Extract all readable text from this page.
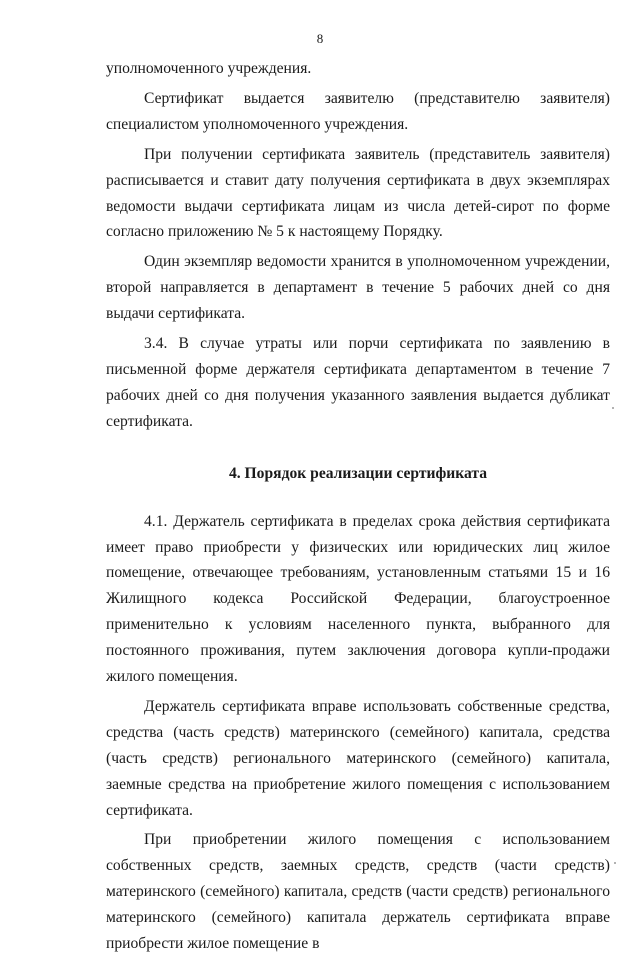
8

уполномоченного учреждения.

Сертификат выдается заявителю (представителю заявителя) специалистом уполномоченного учреждения.

При получении сертификата заявитель (представитель заявителя) расписывается и ставит дату получения сертификата в двух экземплярах ведомости выдачи сертификата лицам из числа детей-сирот по форме согласно приложению № 5 к настоящему Порядку.

Один экземпляр ведомости хранится в уполномоченном учреждении, второй направляется в департамент в течение 5 рабочих дней со дня выдачи сертификата.

3.4. В случае утраты или порчи сертификата по заявлению в письменной форме держателя сертификата департаментом в течение 7 рабочих дней со дня получения указанного заявления выдается дубликат сертификата.

4. Порядок реализации сертификата

4.1. Держатель сертификата в пределах срока действия сертификата имеет право приобрести у физических или юридических лиц жилое помещение, отвечающее требованиям, установленным статьями 15 и 16 Жилищного кодекса Российской Федерации, благоустроенное применительно к условиям населенного пункта, выбранного для постоянного проживания, путем заключения договора купли-продажи жилого помещения.

Держатель сертификата вправе использовать собственные средства, средства (часть средств) материнского (семейного) капитала, средства (часть средств) регионального материнского (семейного) капитала, заемные средства на приобретение жилого помещения с использованием сертификата.

При приобретении жилого помещения с использованием собственных средств, заемных средств, средств (части средств) материнского (семейного) капитала, средств (части средств) регионального материнского (семейного) капитала держатель сертификата вправе приобрести жилое помещение в
